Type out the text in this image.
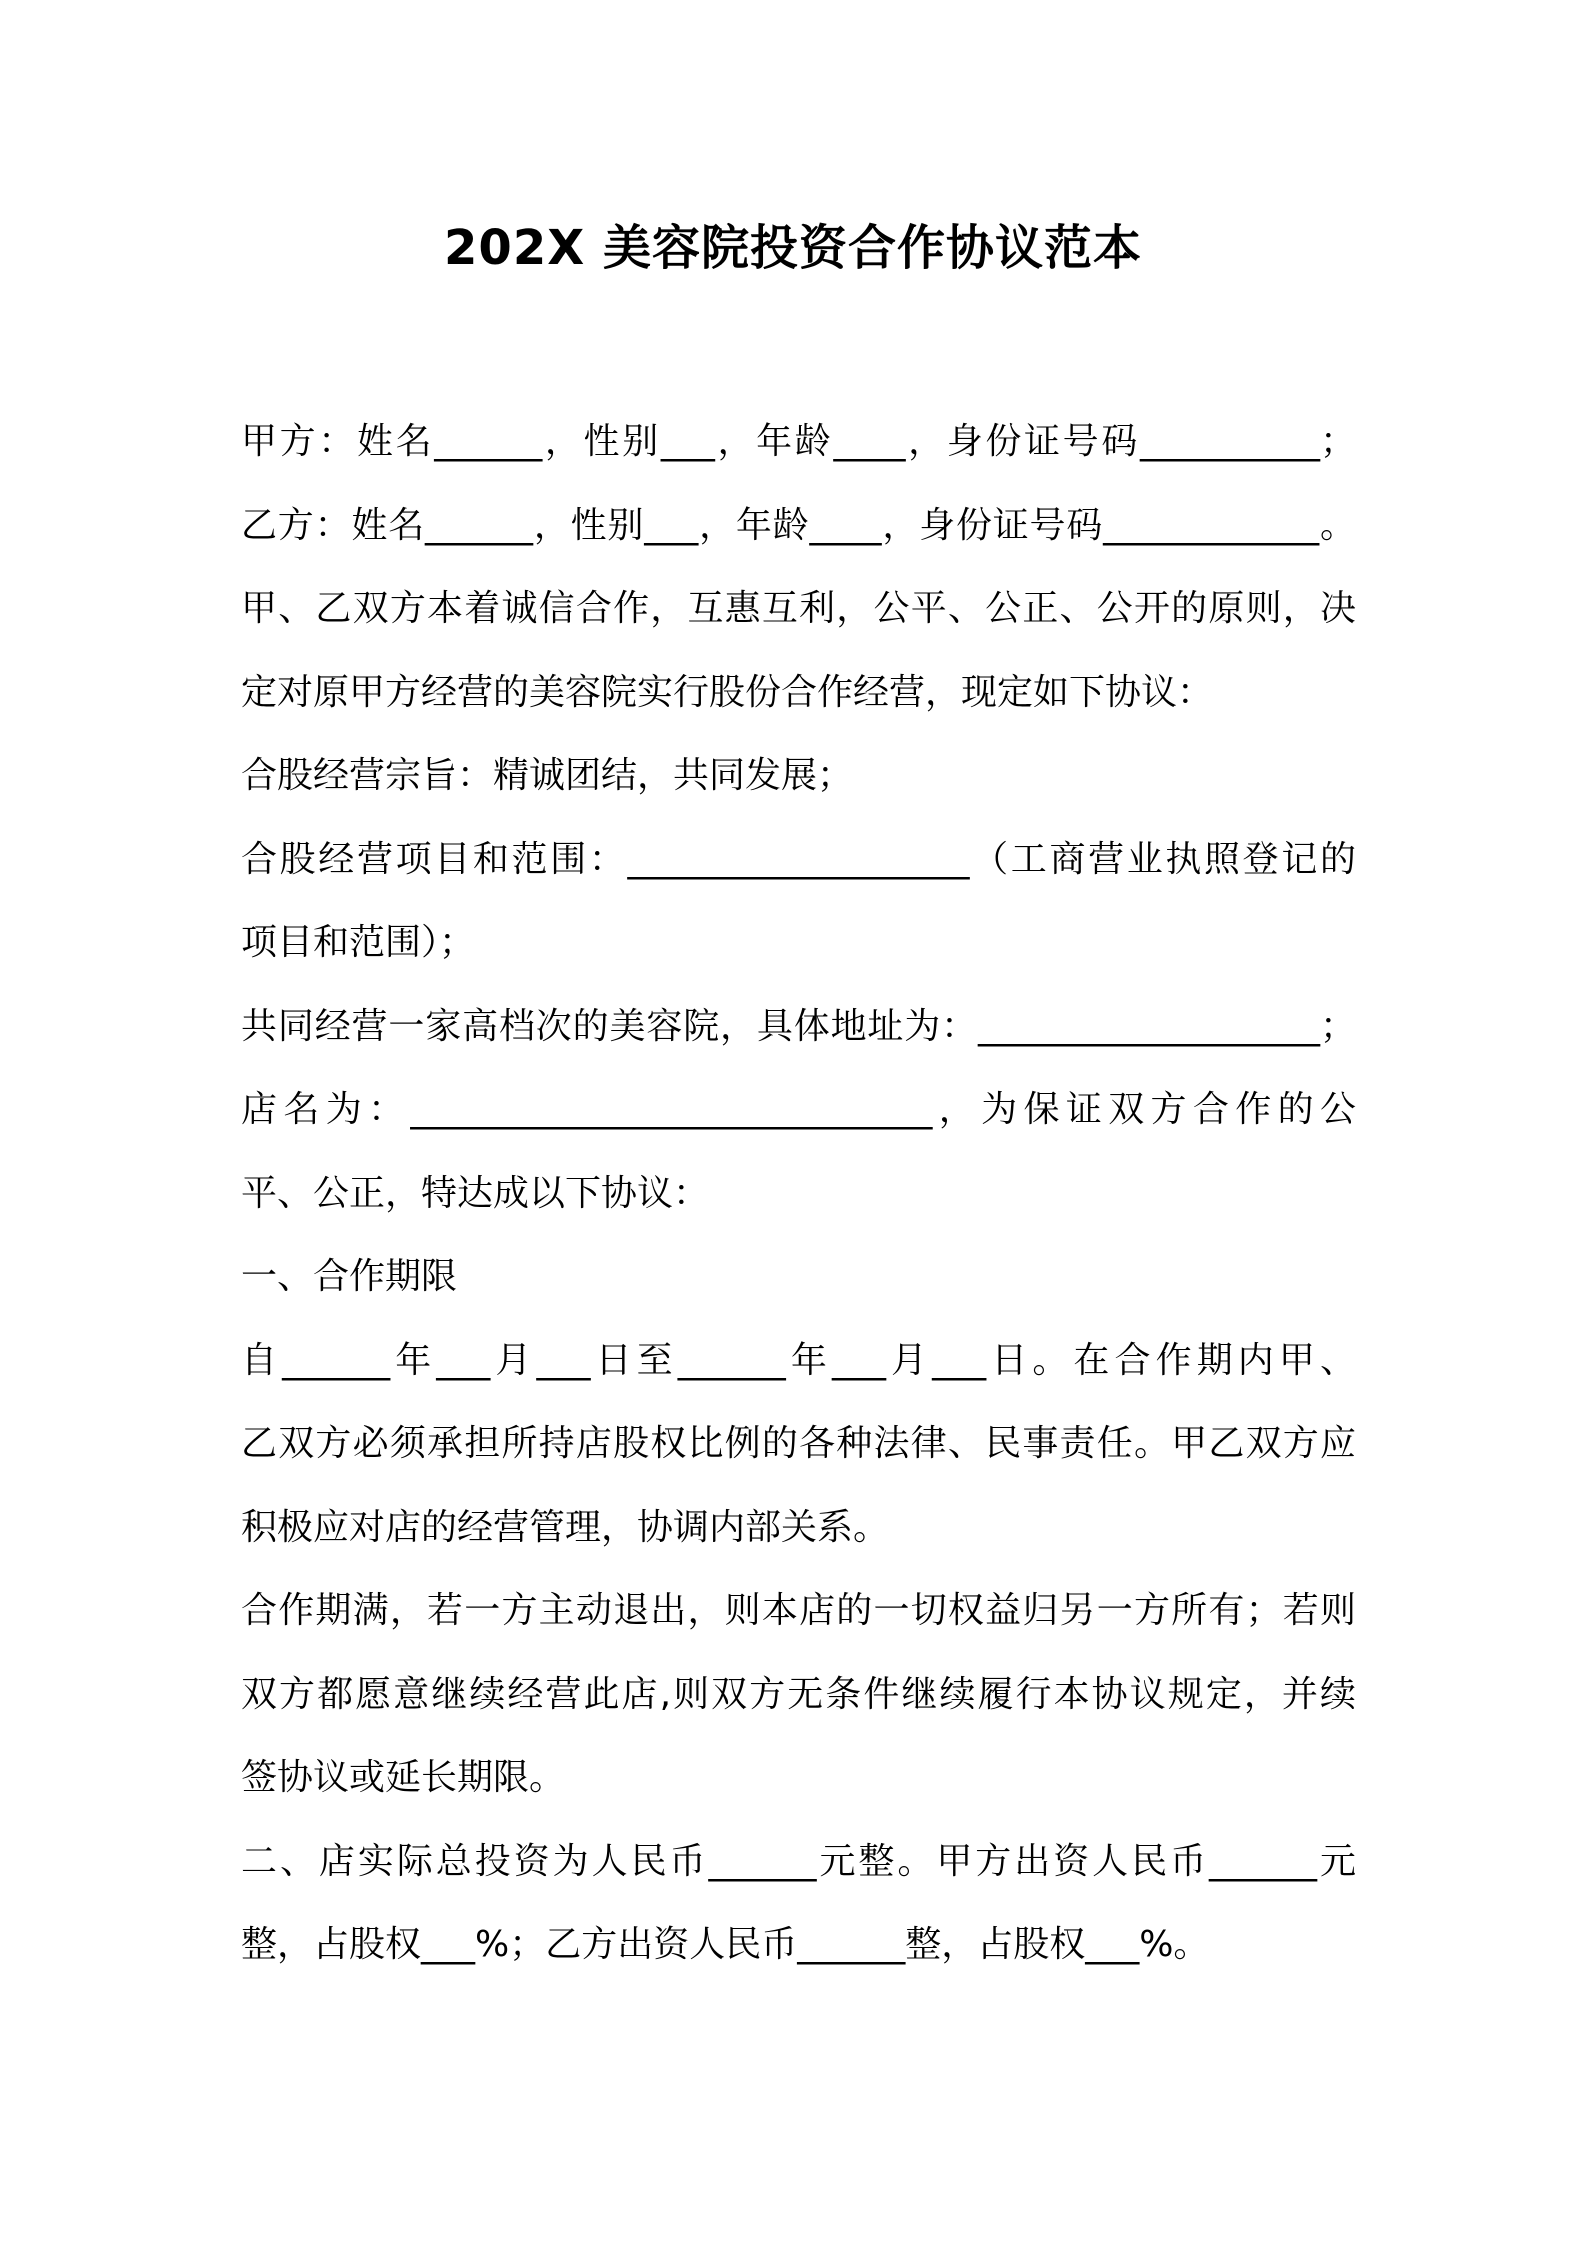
202X 美容院投资合作协议范本
甲方：姓名______，性别___，年龄____，身份证号码__________；
乙方：姓名______，性别___，年龄____，身份证号码____________。
甲、乙双方本着诚信合作，互惠互利，公平、公正、公开的原则，决
定对原甲方经营的美容院实行股份合作经营，现定如下协议：
合股经营宗旨：精诚团结，共同发展；
合股经营项目和范围：___________________（工商营业执照登记的
项目和范围）；
共同经营一家高档次的美容院，具体地址为：___________________；
店名为：_____________________________，为保证双方合作的公
平、公正，特达成以下协议：
一、合作期限
自______年___月___日至______年___月___日。在合作期内甲、
乙双方必须承担所持店股权比例的各种法律、民事责任。甲乙双方应
积极应对店的经营管理，协调内部关系。
合作期满，若一方主动退出，则本店的一切权益归另一方所有；若则
双方都愿意继续经营此店,则双方无条件继续履行本协议规定，并续
签协议或延长期限。
二、店实际总投资为人民币______元整。甲方出资人民币______元
整，占股权___%；乙方出资人民币______整，占股权___%。
